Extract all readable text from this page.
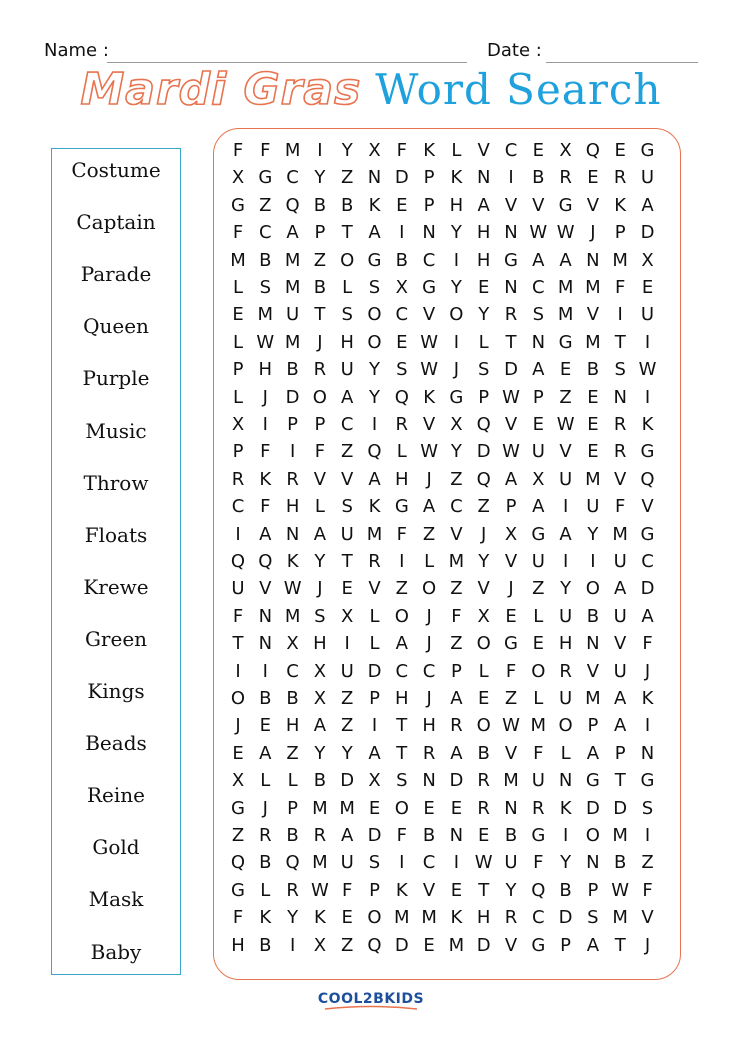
Name :	Date :
Mardi Gras Word Search
Costume
Captain
Parade
Queen
Purple
Music
Throw
Floats
Krewe
Green
Kings
Beads
Reine
Gold
Mask
Baby
F F M I	Y X F K L V C E X Q E G
X G C Y Z N D P K N I	B R E R U
G Z Q B B K E P H A V V G V K A
F C A P T A	I N Y H N W W J	P D
M B M Z O G B C	I H G A A N M X
L S M B L S X G Y E N C M M F E
E M U T S O C V O Y R S M V	I	U
L W M J H O E W I	L T N G M T	I
P H B R U Y S W J	S D A E B S W
L	J D O A Y Q K G P W P Z E N I
X	I	P P C	I	R V X Q V E W E R K
P F	I	F Z Q L W Y D W U V E R G
R K R V V A H J	Z Q A X U M V Q
C F H L S K G A C Z P A	I	U F V
I	A N A U M F Z V	J	X G A Y M G
Q Q K Y T R	I	L M Y V U	I	I	U C
U V W J	E V Z O Z V	J	Z Y O A D
F N M S X L O J	F X E L U B U A
T N X H I	L A	J	Z O G E H N V F
I	I	C X U D C C P L F O R V U	J
O B B X Z P H J	A E Z L U M A K
J	E H A Z	I	T H R O W M O P A	I
E A Z Y Y A T R A B V F L A P N
X L L B D X S N D R M U N G T G
G J	P M M E O E E R N R K D D S
Z R B R A D F B N E B G I O M I
Q B Q M U S	I	C	I W U F Y N B Z
G L R W F P K V E T Y Q B P W F
F K Y K E O M M K H R C D S M V
H B	I	X Z Q D E M D V G P A T	J
COOL2BKIDS
